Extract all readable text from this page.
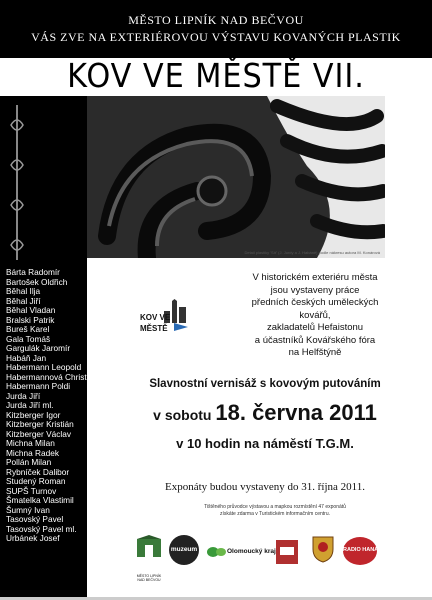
MĚSTO LIPNÍK NAD BEČVOU
VÁS ZVE NA EXTERIÉROVOU VÝSTAVU KOVANÝCH PLASTIK
KOV VE MĚSTĚ VII.
Detail plastiky 'Síť' (J. Jurdy a J. Habáně) podle nákresu autora M. Konárová
Bárta Radomír
Bartošek Oldřich
Běhal Ilja
Běhal Jiří
Běhal Vladan
Bralski Patrik
Bureš Karel
Gala Tomáš
Gargulák Jaromír
Habáň Jan
Habermann Leopold
Habermannová Christine
Habermann Poldi
Jurda Jiří
Jurda Jiří ml.
Kitzberger Igor
Kitzberger Kristián
Kitzberger Václav
Michna Milan
Michna Radek
Pollán Milan
Rybníček Dalibor
Studený Roman
SUPŠ Turnov
Šmatelka Vlastimil
Šumný Ivan
Tasovský Pavel
Tasovský Pavel ml.
Urbánek Josef
V historickém exteriéru města jsou vystaveny práce
předních českých uměleckých kovářů,
zakladatelů Hefaistonu
a účastníků Kovářského fóra
na Helfštýně
KOV VE
MĚSTĚ
Slavnostní vernisáž s kovovým putováním
v sobotu 18. června 2011
v 10 hodin na náměstí T.G.M.
Exponáty budou vystaveny do 31. října 2011.
Tištěného průvodce výstavou a mapkou rozmístění 47 exponátů
získáte zdarma v Turistickém informačním centru.
MĚSTO LIPNÍK NAD BEČVOU
muzeum	Olomoucký kraj	RADIO HANÁ
